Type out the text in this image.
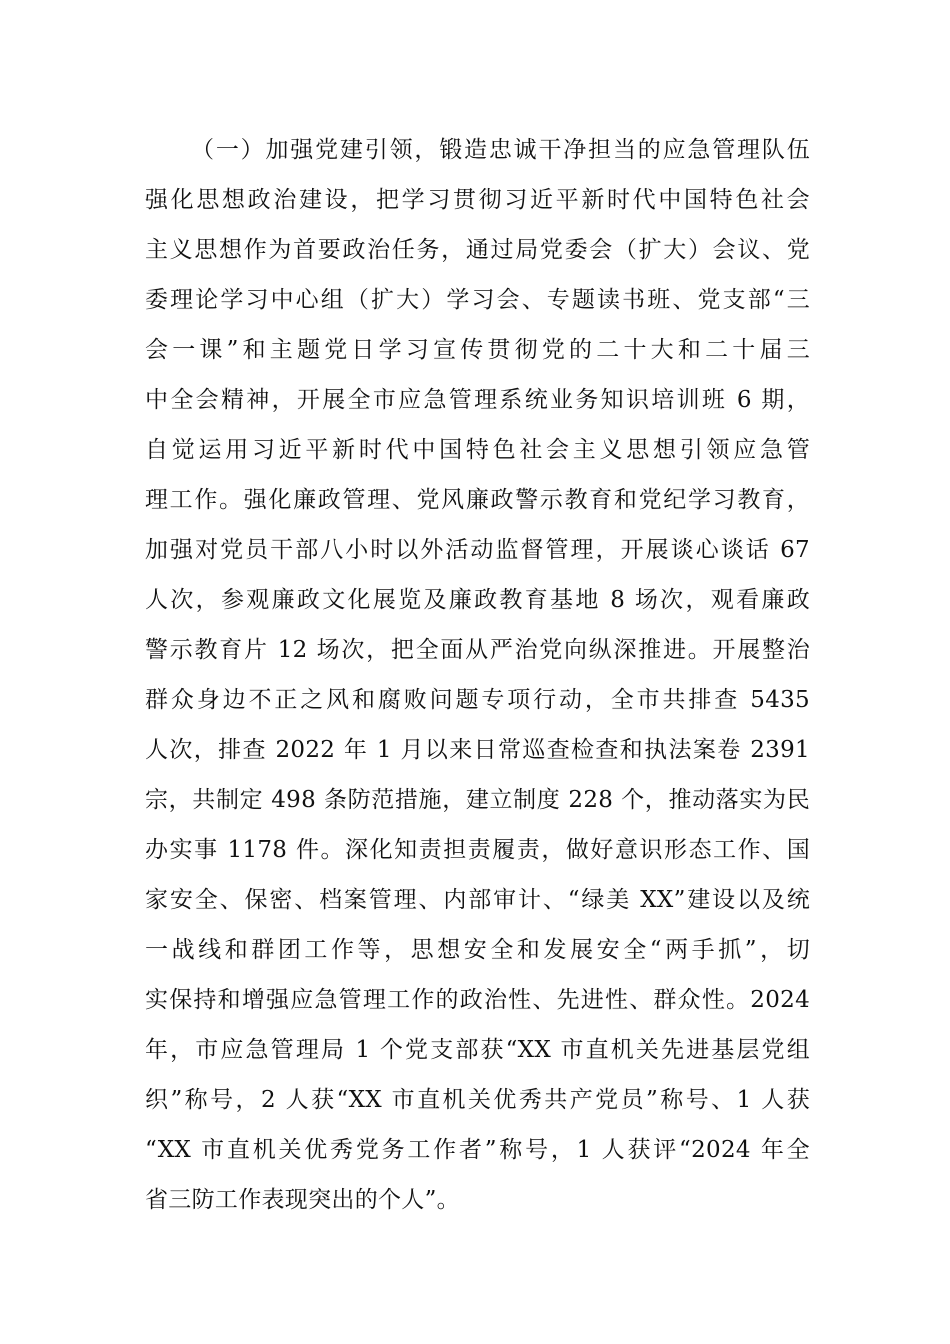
（一）加强党建引领，锻造忠诚干净担当的应急管理队伍
强化思想政治建设，把学习贯彻习近平新时代中国特色社会
主义思想作为首要政治任务，通过局党委会（扩大）会议、党
委理论学习中心组（扩大）学习会、专题读书班、党支部“三
会一课”和主题党日学习宣传贯彻党的二十大和二十届三
中全会精神，开展全市应急管理系统业务知识培训班 6 期，
自觉运用习近平新时代中国特色社会主义思想引领应急管
理工作。强化廉政管理、党风廉政警示教育和党纪学习教育，
加强对党员干部八小时以外活动监督管理，开展谈心谈话 67
人次，参观廉政文化展览及廉政教育基地 8 场次，观看廉政
警示教育片 12 场次，把全面从严治党向纵深推进。开展整治
群众身边不正之风和腐败问题专项行动，全市共排查 5435
人次，排查 2022 年 1 月以来日常巡查检查和执法案卷 2391
宗，共制定 498 条防范措施，建立制度 228 个，推动落实为民
办实事 1178 件。深化知责担责履责，做好意识形态工作、国
家安全、保密、档案管理、内部审计、“绿美 XX”建设以及统
一战线和群团工作等，思想安全和发展安全“两手抓”，切
实保持和增强应急管理工作的政治性、先进性、群众性。2024
年，市应急管理局 1 个党支部获“XX 市直机关先进基层党组
织”称号，2 人获“XX 市直机关优秀共产党员”称号、1 人获
“XX 市直机关优秀党务工作者”称号，1 人获评“2024 年全
省三防工作表现突出的个人”。
